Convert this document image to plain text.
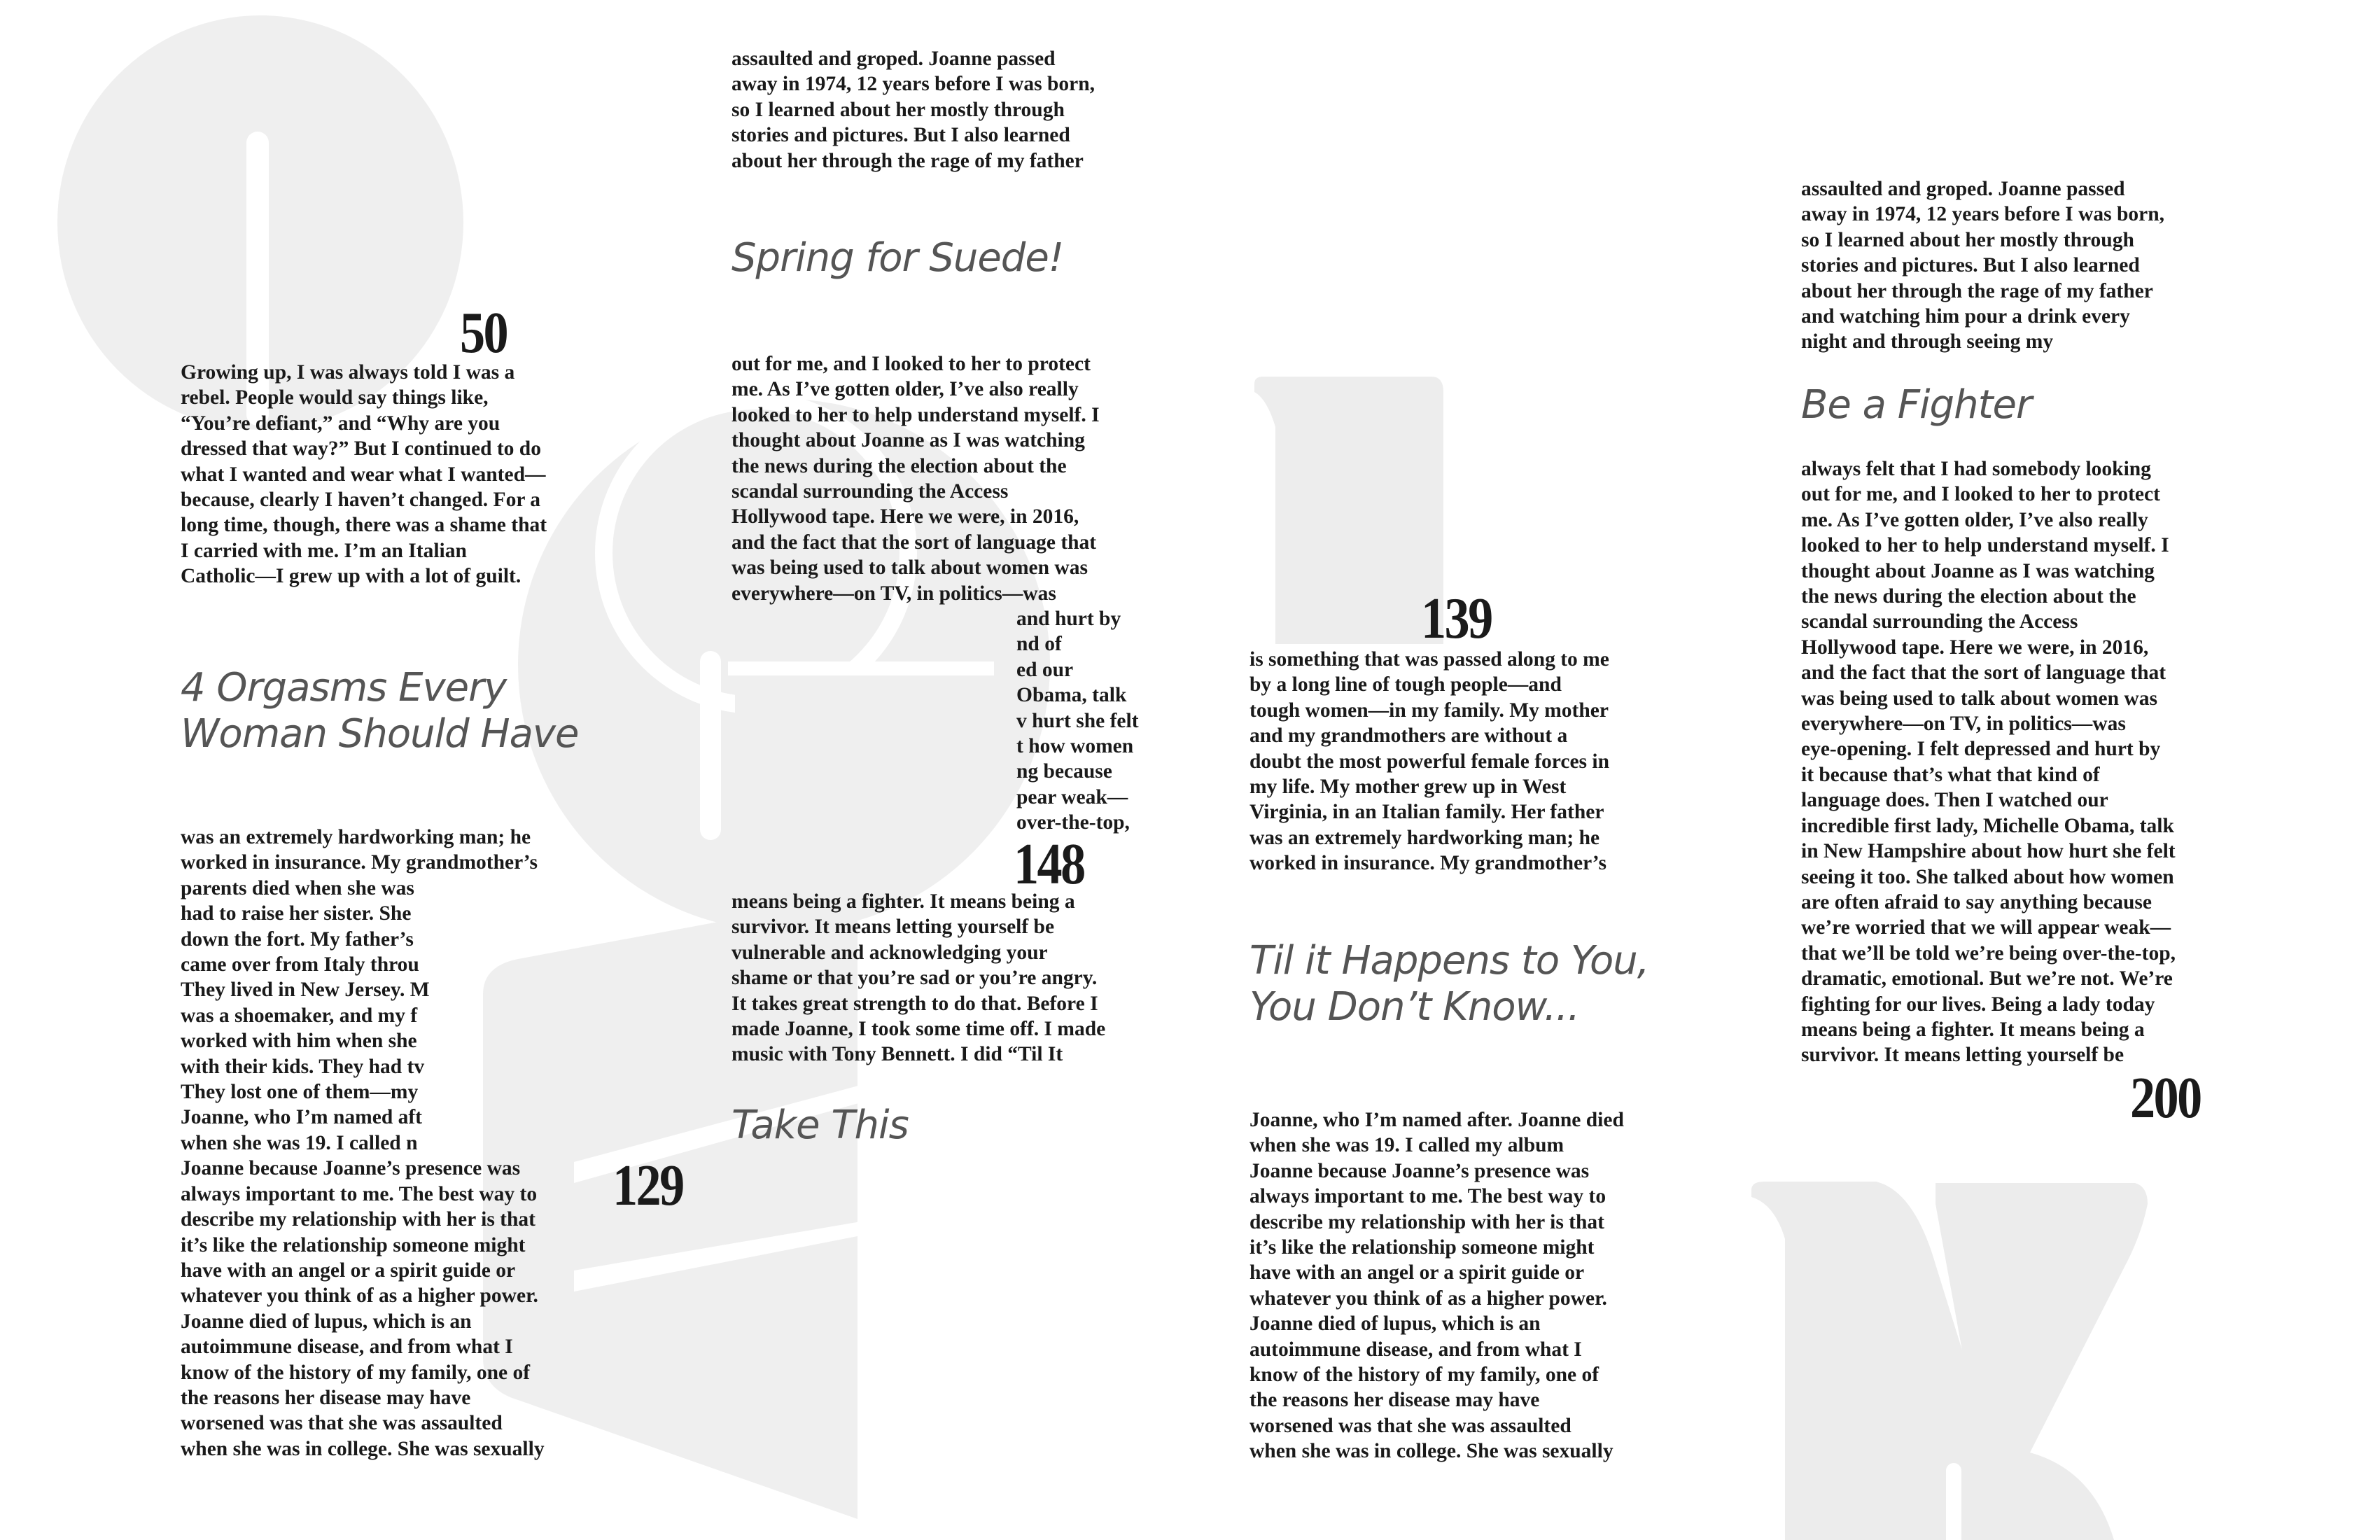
50
Growing up, I was always told I was a
rebel. People would say things like,
“You’re defiant,” and “Why are you
dressed that way?” But I continued to do
what I wanted and wear what I wanted—
because, clearly I haven’t changed. For a
long time, though, there was a shame that
I carried with me. I’m an Italian
Catholic—I grew up with a lot of guilt.
4 Orgasms Every
Woman Should Have
was an extremely hardworking man; he
worked in insurance. My grandmother’s
parents died when she was
had to raise her sister. She
down the fort. My father’s
came over from Italy throu
They lived in New Jersey. M
was a shoemaker, and my f
worked with him when she
with their kids. They had tv
They lost one of them—my
Joanne, who I’m named aft
when she was 19. I called n
Joanne because Joanne’s presence was
always important to me. The best way to
describe my relationship with her is that
it’s like the relationship someone might
have with an angel or a spirit guide or
whatever you think of as a higher power.
Joanne died of lupus, which is an
autoimmune disease, and from what I
know of the history of my family, one of
the reasons her disease may have
worsened was that she was assaulted
when she was in college. She was sexually
129
assaulted and groped. Joanne passed
away in 1974, 12 years before I was born,
so I learned about her mostly through
stories and pictures. But I also learned
about her through the rage of my father
Spring for Suede!
out for me, and I looked to her to protect
me. As I’ve gotten older, I’ve also really
looked to her to help understand myself. I
thought about Joanne as I was watching
the news during the election about the
scandal surrounding the Access
Hollywood tape. Here we were, in 2016,
and the fact that the sort of language that
was being used to talk about women was
everywhere—on TV, in politics—was
and hurt by
nd of
ed our
Obama, talk
v hurt she felt
t how women
ng because
pear weak—
over-the-top,
148
means being a fighter. It means being a
survivor. It means letting yourself be
vulnerable and acknowledging your
shame or that you’re sad or you’re angry.
It takes great strength to do that. Before I
made Joanne, I took some time off. I made
music with Tony Bennett. I did “Til It
Take This
139
is something that was passed along to me
by a long line of tough people—and
tough women—in my family. My mother
and my grandmothers are without a
doubt the most powerful female forces in
my life. My mother grew up in West
Virginia, in an Italian family. Her father
was an extremely hardworking man; he
worked in insurance. My grandmother’s
Til it Happens to You,
You Don’t Know...
Joanne, who I’m named after. Joanne died
when she was 19. I called my album
Joanne because Joanne’s presence was
always important to me. The best way to
describe my relationship with her is that
it’s like the relationship someone might
have with an angel or a spirit guide or
whatever you think of as a higher power.
Joanne died of lupus, which is an
autoimmune disease, and from what I
know of the history of my family, one of
the reasons her disease may have
worsened was that she was assaulted
when she was in college. She was sexually
assaulted and groped. Joanne passed
away in 1974, 12 years before I was born,
so I learned about her mostly through
stories and pictures. But I also learned
about her through the rage of my father
and watching him pour a drink every
night and through seeing my
Be a Fighter
always felt that I had somebody looking
out for me, and I looked to her to protect
me. As I’ve gotten older, I’ve also really
looked to her to help understand myself. I
thought about Joanne as I was watching
the news during the election about the
scandal surrounding the Access
Hollywood tape. Here we were, in 2016,
and the fact that the sort of language that
was being used to talk about women was
everywhere—on TV, in politics—was
eye-opening. I felt depressed and hurt by
it because that’s what that kind of
language does. Then I watched our
incredible first lady, Michelle Obama, talk
in New Hampshire about how hurt she felt
seeing it too. She talked about how women
are often afraid to say anything because
we’re worried that we will appear weak—
that we’ll be told we’re being over-the-top,
dramatic, emotional. But we’re not. We’re
fighting for our lives. Being a lady today
means being a fighter. It means being a
survivor. It means letting yourself be
200
